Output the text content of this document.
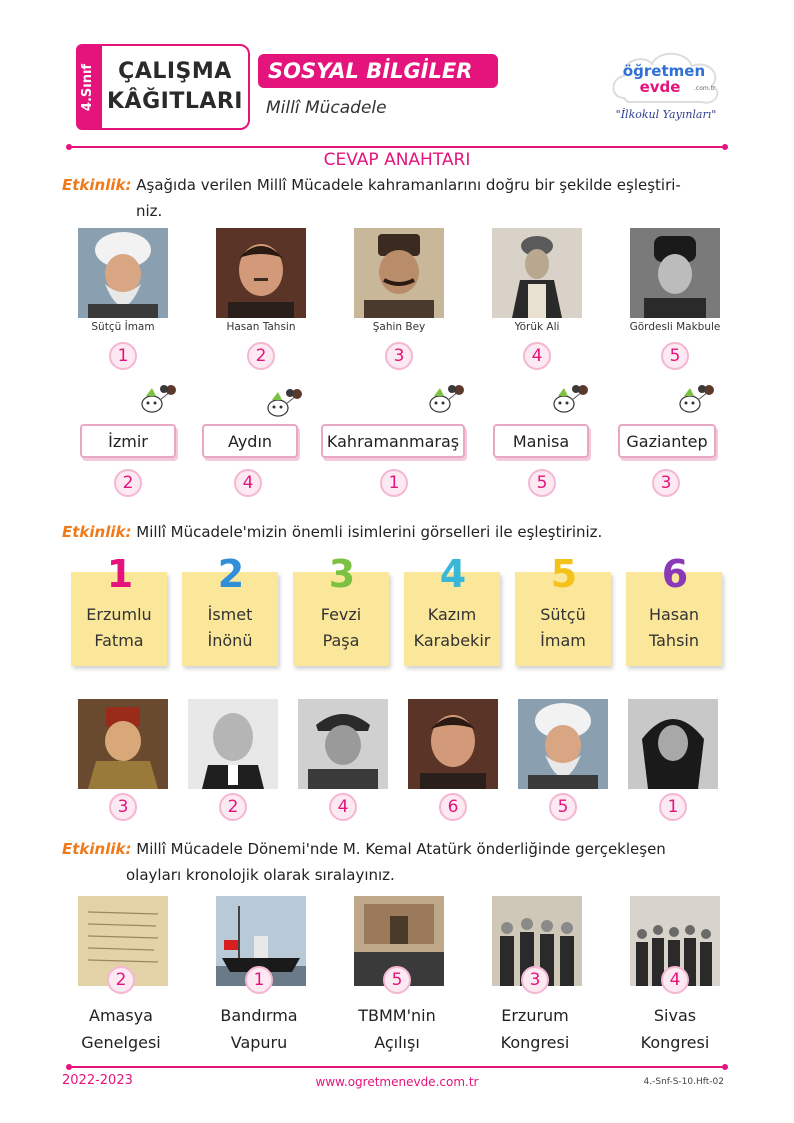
4.Sınıf ÇALIŞMA
KÂĞITLARI
SOSYAL BİLGİLER
Millî Mücadele
öğretmen
evde .com.tr
"İlkokul Yayınları"
CEVAP ANAHTARI
Etkinlik: Aşağıda verilen Millî Mücadele kahramanlarını doğru bir şekilde eşleştiri-
niz.
Sütçü İmam	Hasan Tahsin	Şahin Bey	Yörük Ali	Gördesli Makbule
1	2	3	4	5
İzmir	Aydın	Kahramanmaraş	Manisa	Gaziantep
2	4	1	5	3
Etkinlik: Millî Mücadele'mizin önemli isimlerini görselleri ile eşleştiriniz.
Erzumlu
Fatma
İsmet
İnönü
Fevzi
Paşa
Kazım
Karabekir
Sütçü
İmam
Hasan
Tahsin
1 2 3 4 5 6
3	2	4	6	5	1
Etkinlik: Millî Mücadele Dönemi'nde M. Kemal Atatürk önderliğinde gerçekleşen
olayları kronolojik olarak sıralayınız.
2	1	5	3	4
Amasya
Genelgesi
Bandırma
Vapuru
TBMM'nin
Açılışı
Erzurum
Kongresi
Sivas
Kongresi
2022-2023	www.ogretmenevde.com.tr	4.-Snf-S-10.Hft-02
